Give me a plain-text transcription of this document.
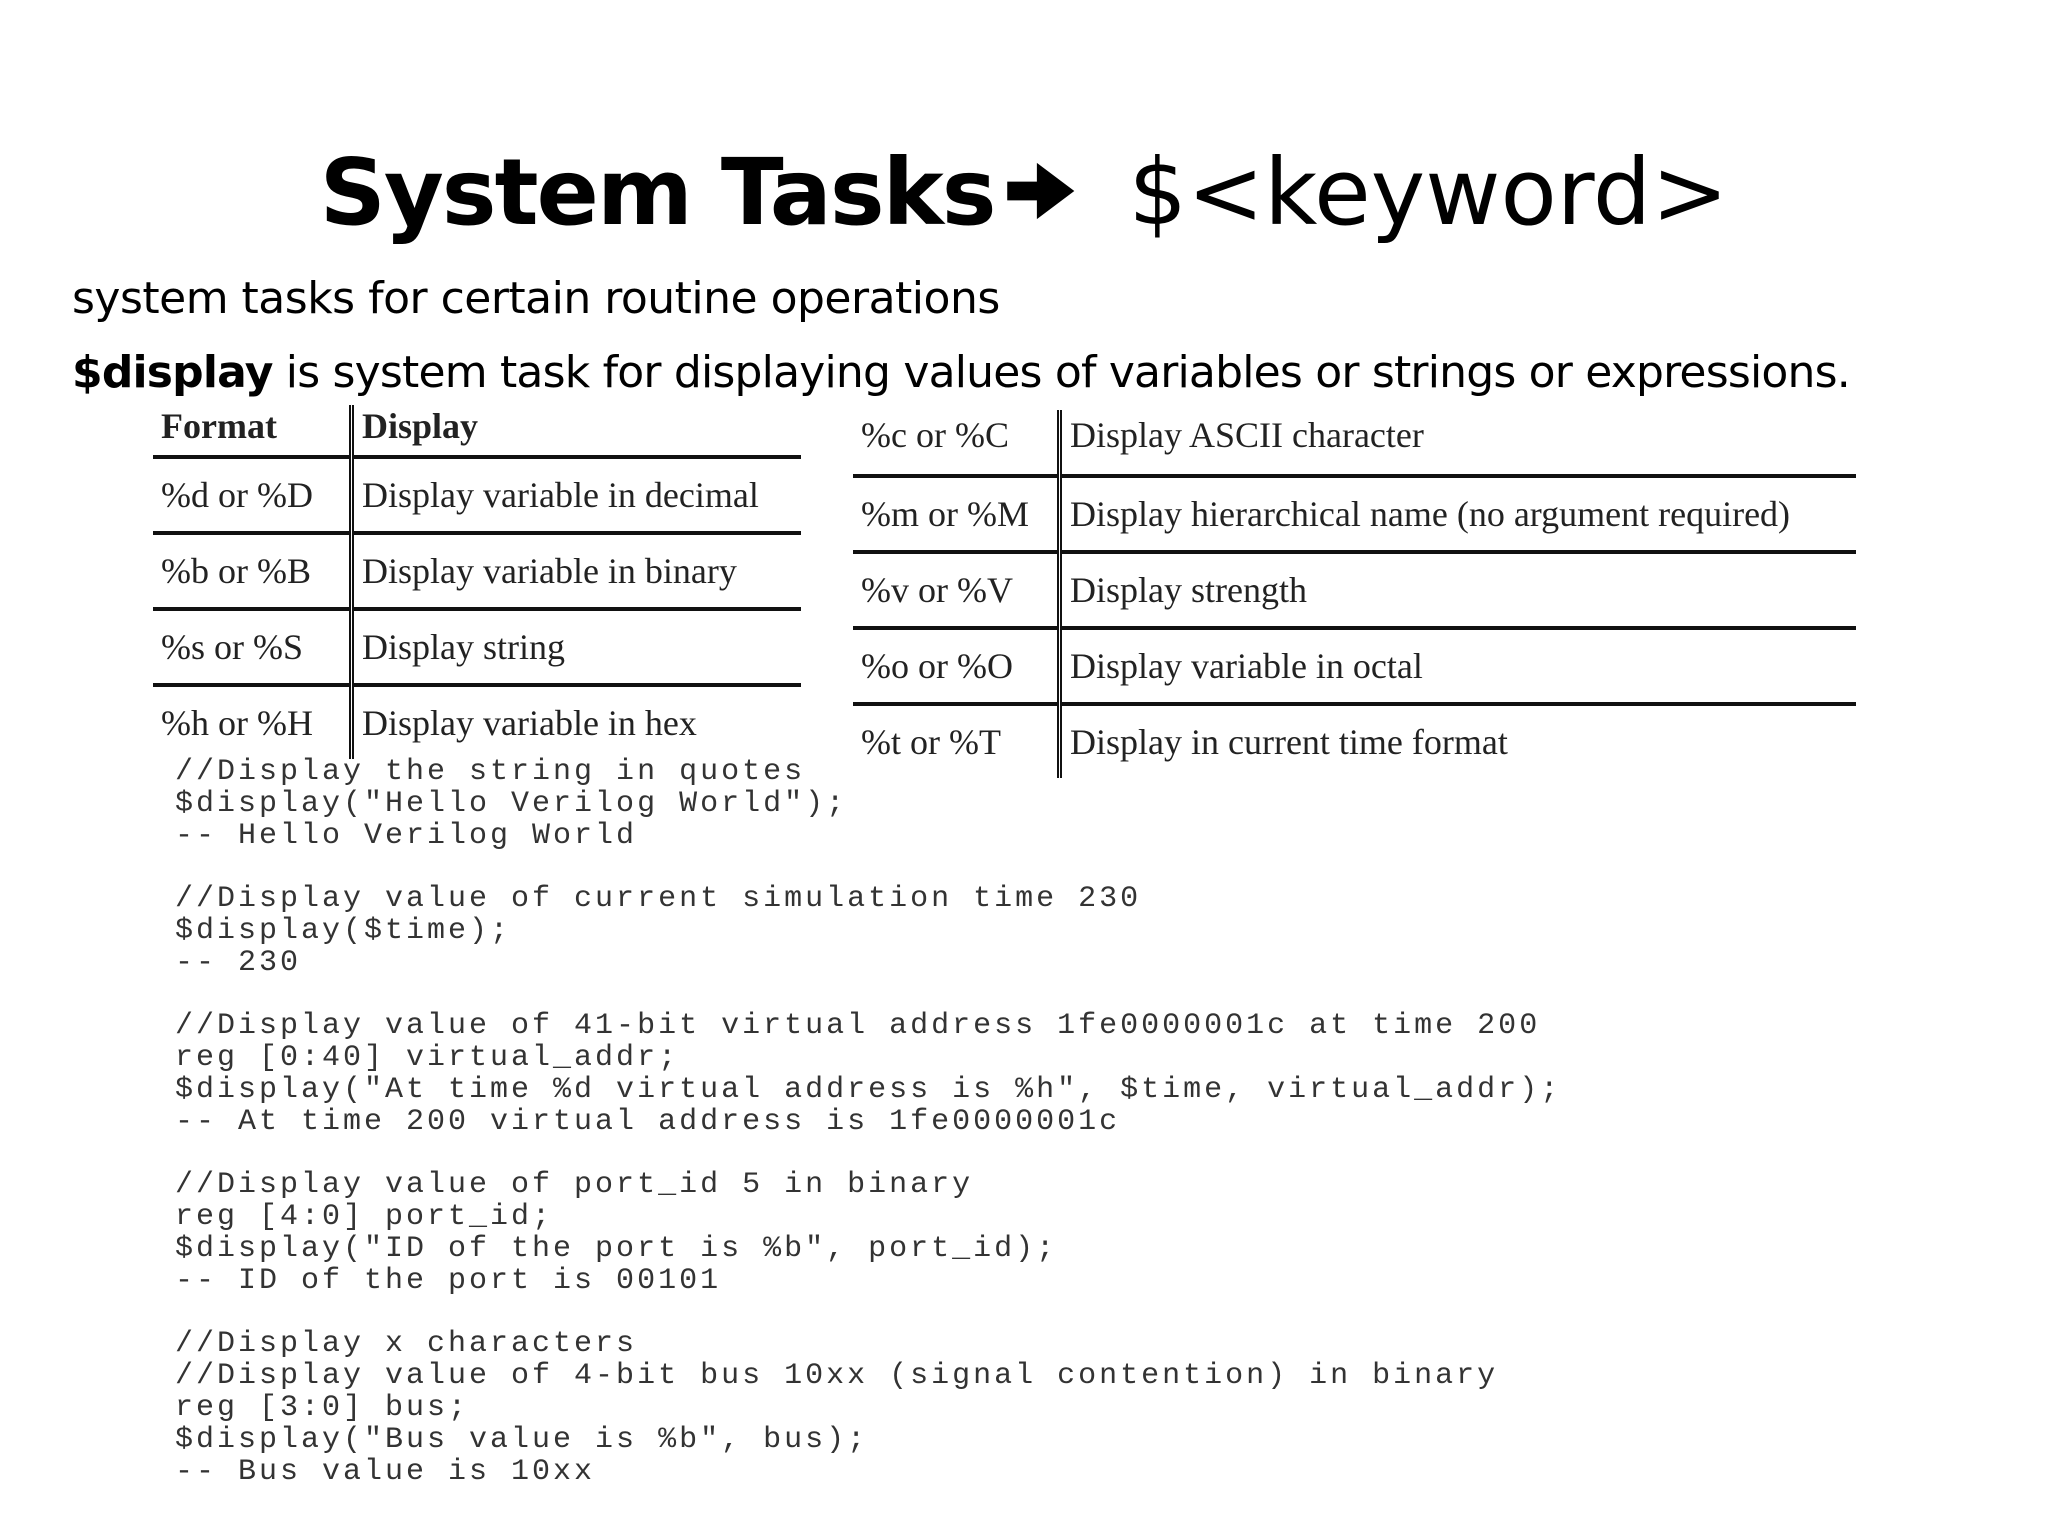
System Tasks $<keyword>
system tasks for certain routine operations
$display is system task for displaying values of variables or strings or expressions.
Format	Display
%d or %D	Display variable in decimal
%b or %B	Display variable in binary
%s or %S	Display string
%h or %H	Display variable in hex
%c or %C	Display ASCII character
%m or %M	Display hierarchical name (no argument required)
%v or %V	Display strength
%o or %O	Display variable in octal
%t or %T	Display in current time format
//Display the string in quotes
$display("Hello Verilog World");
-- Hello Verilog World
//Display value of current simulation time 230
$display($time);
-- 230
//Display value of 41-bit virtual address 1fe0000001c at time 200
reg [0:40] virtual_addr;
$display("At time %d virtual address is %h", $time, virtual_addr);
-- At time 200 virtual address is 1fe0000001c
//Display value of port_id 5 in binary
reg [4:0] port_id;
$display("ID of the port is %b", port_id);
-- ID of the port is 00101
//Display x characters
//Display value of 4-bit bus 10xx (signal contention) in binary
reg [3:0] bus;
$display("Bus value is %b", bus);
-- Bus value is 10xx
